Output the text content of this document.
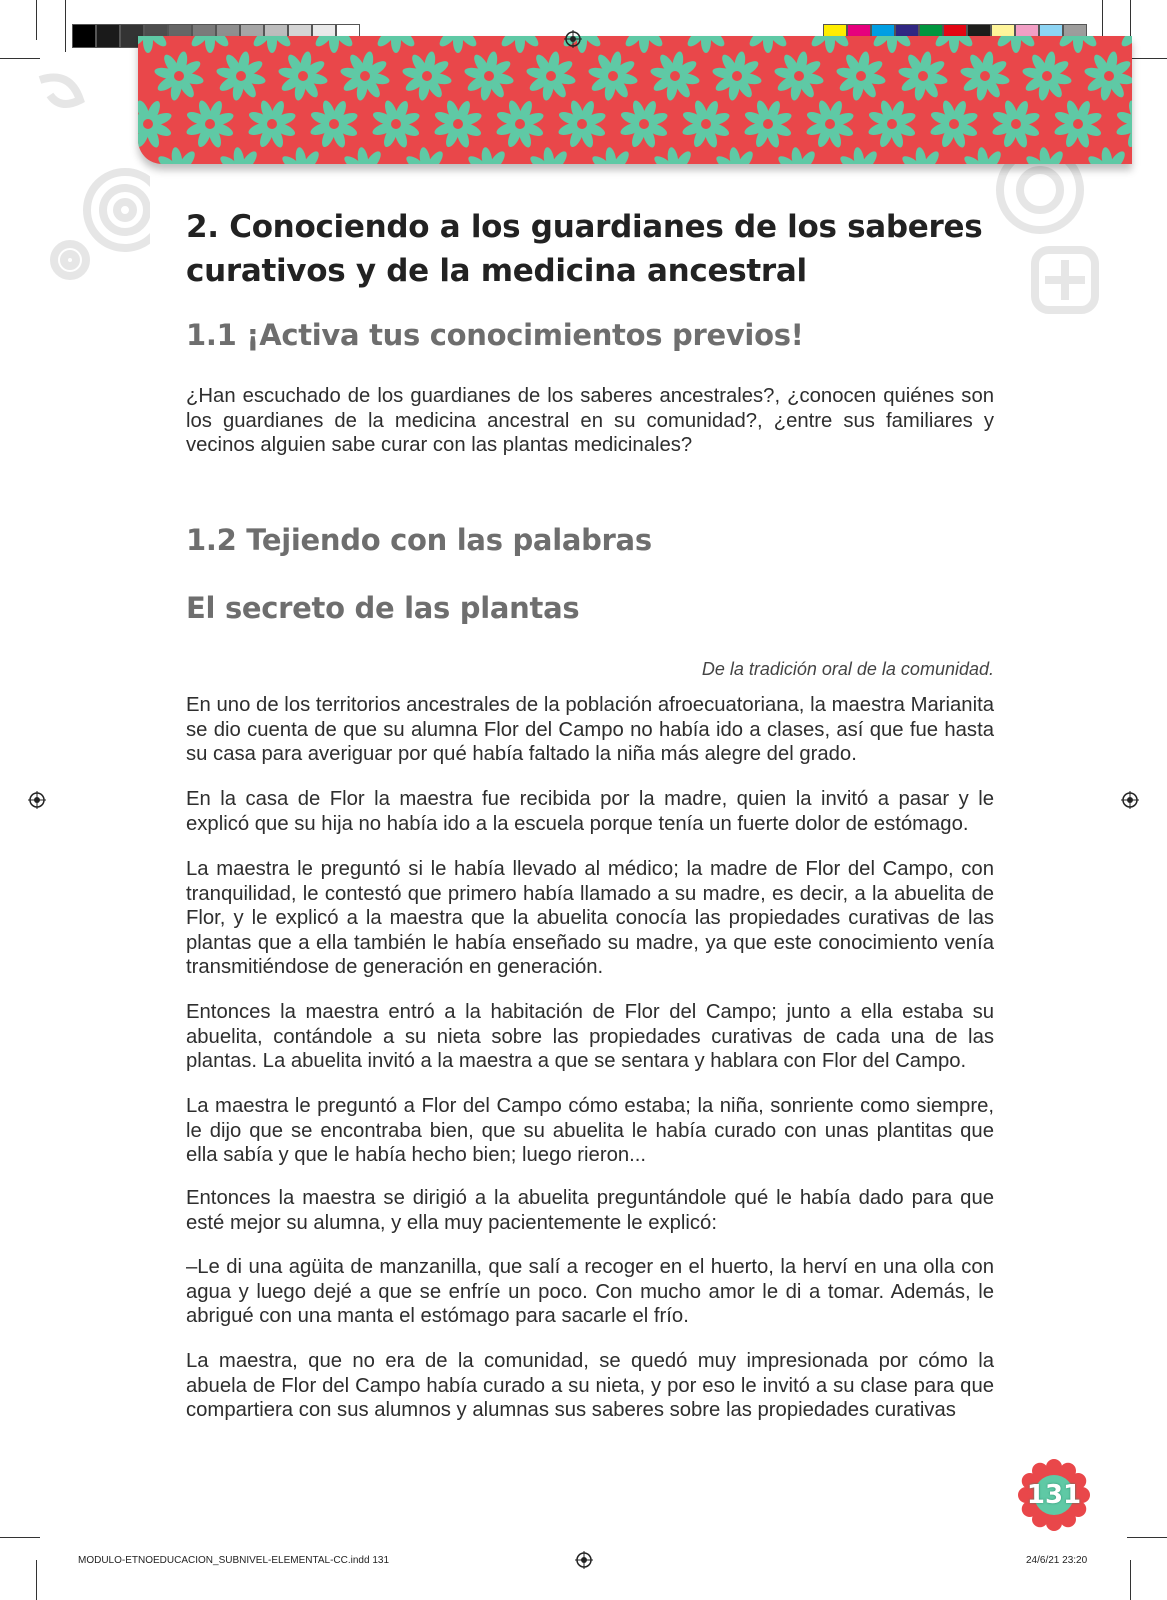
2. Conociendo a los guardianes de los saberes curativos y de la medicina ancestral
1.1 ¡Activa tus conocimientos previos!

¿Han escuchado de los guardianes de los saberes ancestrales?, ¿conocen quiénes son los guardianes de la medicina ancestral en su comunidad?, ¿entre sus familiares y vecinos alguien sabe curar con las plantas medicinales?

1.2 Tejiendo con las palabras
El secreto de las plantas
De la tradición oral de la comunidad.

En uno de los territorios ancestrales de la población afroecuatoriana, la maestra Marianita se dio cuenta de que su alumna Flor del Campo no había ido a clases, así que fue hasta su casa para averiguar por qué había faltado la niña más alegre del grado.

En la casa de Flor la maestra fue recibida por la madre, quien la invitó a pasar y le explicó que su hija no había ido a la escuela porque tenía un fuerte dolor de estómago.

La maestra le preguntó si le había llevado al médico; la madre de Flor del Campo, con tranquilidad, le contestó que primero había llamado a su madre, es decir, a la abuelita de Flor, y le explicó a la maestra que la abuelita conocía las propiedades curativas de las plantas que a ella también le había enseñado su madre, ya que este conocimiento venía transmitiéndose de generación en generación.

Entonces la maestra entró a la habitación de Flor del Campo; junto a ella estaba su abuelita, contándole a su nieta sobre las propiedades curativas de cada una de las plantas. La abuelita invitó a la maestra a que se sentara y hablara con Flor del Campo.

La maestra le preguntó a Flor del Campo cómo estaba; la niña, sonriente como siempre, le dijo que se encontraba bien, que su abuelita le había curado con unas plantitas que ella sabía y que le había hecho bien; luego rieron...

Entonces la maestra se dirigió a la abuelita preguntándole qué le había dado para que esté mejor su alumna, y ella muy pacientemente le explicó:

–Le di una agüita de manzanilla, que salí a recoger en el huerto, la herví en una olla con agua y luego dejé a que se enfríe un poco. Con mucho amor le di a tomar. Además, le abrigué con una manta el estómago para sacarle el frío.

La maestra, que no era de la comunidad, se quedó muy impresionada por cómo la abuela de Flor del Campo había curado a su nieta, y por eso le invitó a su clase para que compartiera con sus alumnos y alumnas sus saberes sobre las propiedades curativas

131
MODULO-ETNOEDUCACION_SUBNIVEL-ELEMENTAL-CC.indd 131	24/6/21 23:20
